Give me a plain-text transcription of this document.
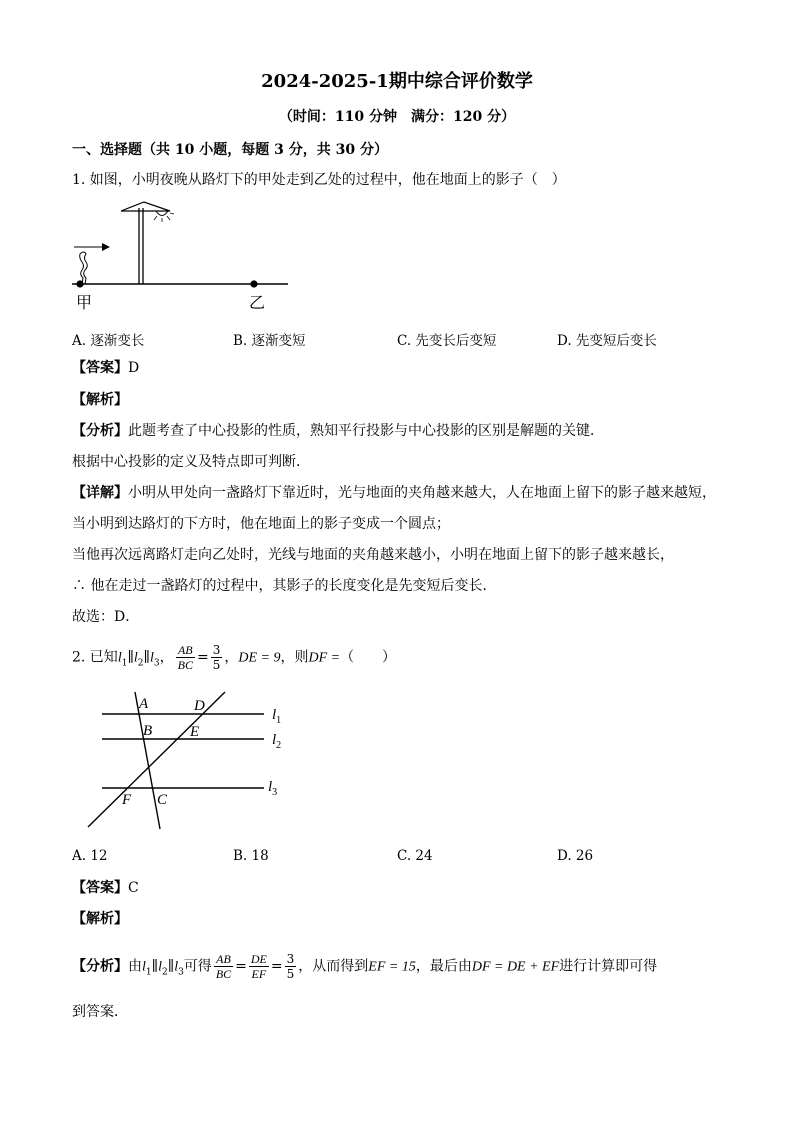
2024-2025-1期中综合评价数学
（时间：110 分钟　满分：120 分）
一、选择题（共 10 小题，每题 3 分，共 30 分）
1. 如图，小明夜晚从路灯下的甲处走到乙处的过程中，他在地面上的影子（　）
甲	乙
A. 逐渐变长	B. 逐渐变短	C. 先变长后变短	D. 先变短后变长
【答案】D
【解析】
【分析】此题考查了中心投影的性质，熟知平行投影与中心投影的区别是解题的关键．
根据中心投影的定义及特点即可判断．
【详解】小明从甲处向一盏路灯下靠近时，光与地面的夹角越来越大，人在地面上留下的影子越来越短，
当小明到达路灯的下方时，他在地面上的影子变成一个圆点；
当他再次远离路灯走向乙处时，光线与地面的夹角越来越小，小明在地面上留下的影子越来越长，
∴ 他在走过一盏路灯的过程中，其影子的长度变化是先变短后变长．
故选：D．
2. 已知$l_1\parallel l_2\parallel l_3$， $\frac{AB}{BC} = \frac{3}{5}$ ，DE = 9，则DF =（　　）
A	D
B	E
F C
$l_1$
$l_2$
$l_3$
A. 12	B. 18	C. 24	D. 26
【答案】C
【解析】
【分析】由$l_1\parallel l_2\parallel l_3$可得 $\frac{AB}{BC} = \frac{DE}{EF} = \frac{3}{5}$ ，从而得到EF = 15，最后由DF = DE + EF进行计算即可得
到答案．
